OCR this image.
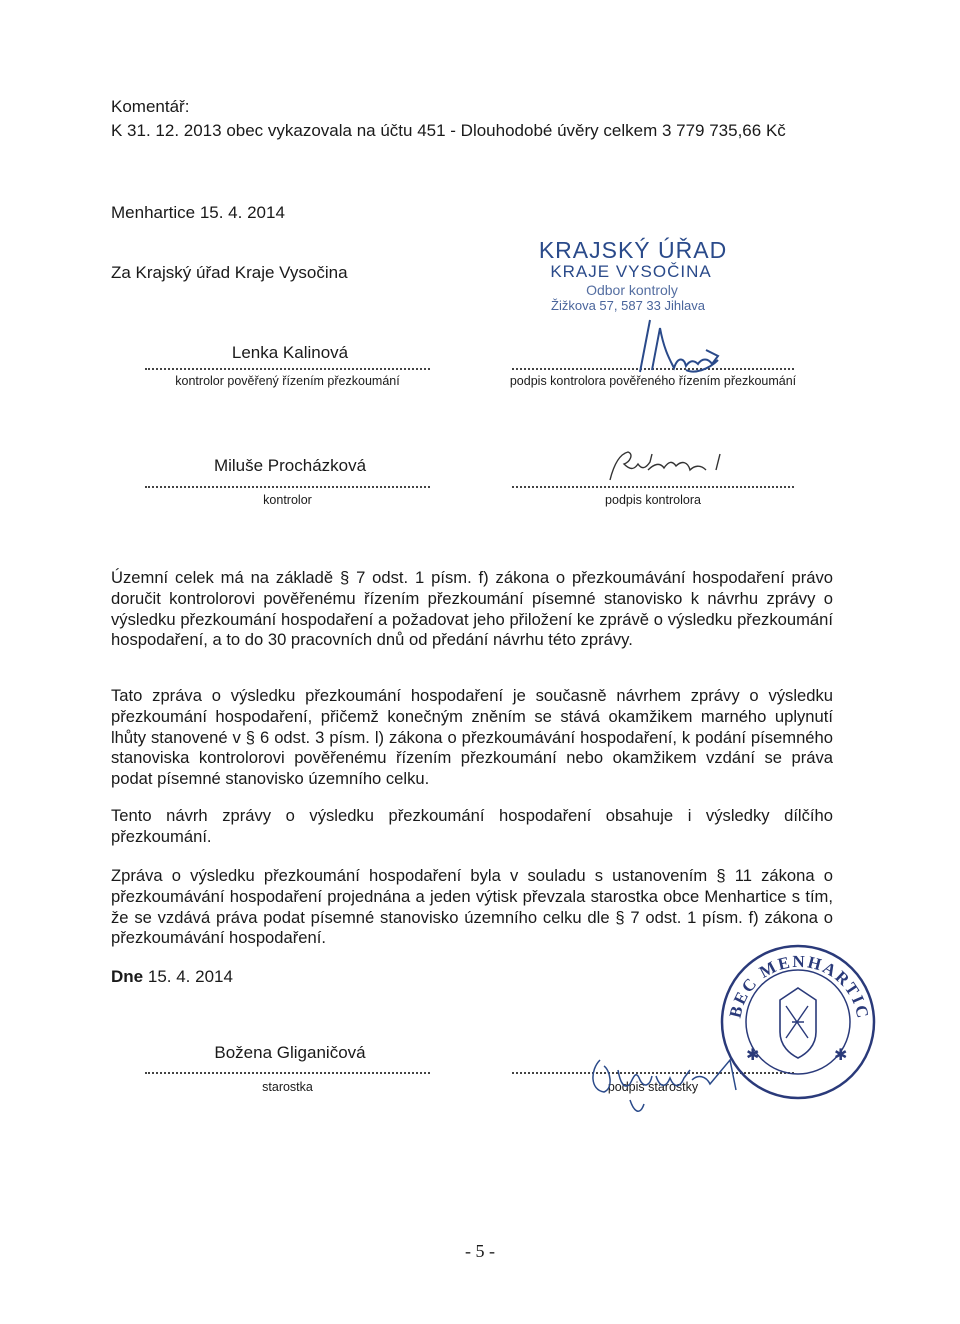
Komentář:
K 31. 12. 2013 obec vykazovala na účtu 451 - Dlouhodobé úvěry celkem 3 779 735,66 Kč
Menhartice 15. 4. 2014
Za Krajský úřad Kraje Vysočina
KRAJSKÝ ÚŘAD
KRAJE VYSOČINA
Odbor kontroly
Žižkova 57, 587 33 Jihlava
Lenka Kalinová
kontrolor pověřený řízením přezkoumání	podpis kontrolora pověřeného řízením přezkoumání
Miluše Procházková
kontrolor	podpis kontrolora
Územní celek má na základě § 7 odst. 1 písm. f) zákona o přezkoumávání hospodaření právo doručit kontrolorovi pověřenému řízením přezkoumání písemné stanovisko k návrhu zprávy o výsledku přezkoumání hospodaření a požadovat jeho přiložení ke zprávě o výsledku přezkoumání hospodaření, a to do 30 pracovních dnů od předání návrhu této zprávy.
Tato zpráva o výsledku přezkoumání hospodaření je současně návrhem zprávy o výsledku přezkoumání hospodaření, přičemž konečným zněním se stává okamžikem marného uplynutí lhůty stanovené v § 6 odst. 3 písm. l) zákona o přezkoumávání hospodaření, k podání písemného stanoviska kontrolorovi pověřenému řízením přezkoumání nebo okamžikem vzdání se práva podat písemné stanovisko územního celku.
Tento návrh zprávy o výsledku přezkoumání hospodaření obsahuje i výsledky dílčího přezkoumání.
Zpráva o výsledku přezkoumání hospodaření byla v souladu s ustanovením § 11 zákona o přezkoumávání hospodaření projednána a jeden výtisk převzala starostka obce Menhartice s tím, že se vzdává práva podat písemné stanovisko územního celku dle § 7 odst. 1 písm. f) zákona o přezkoumávání hospodaření.
Dne 15. 4. 2014
Božena Gliganičová
starostka	podpis starostky
OBEC MENHARTICE
✱	✱
- 5 -
